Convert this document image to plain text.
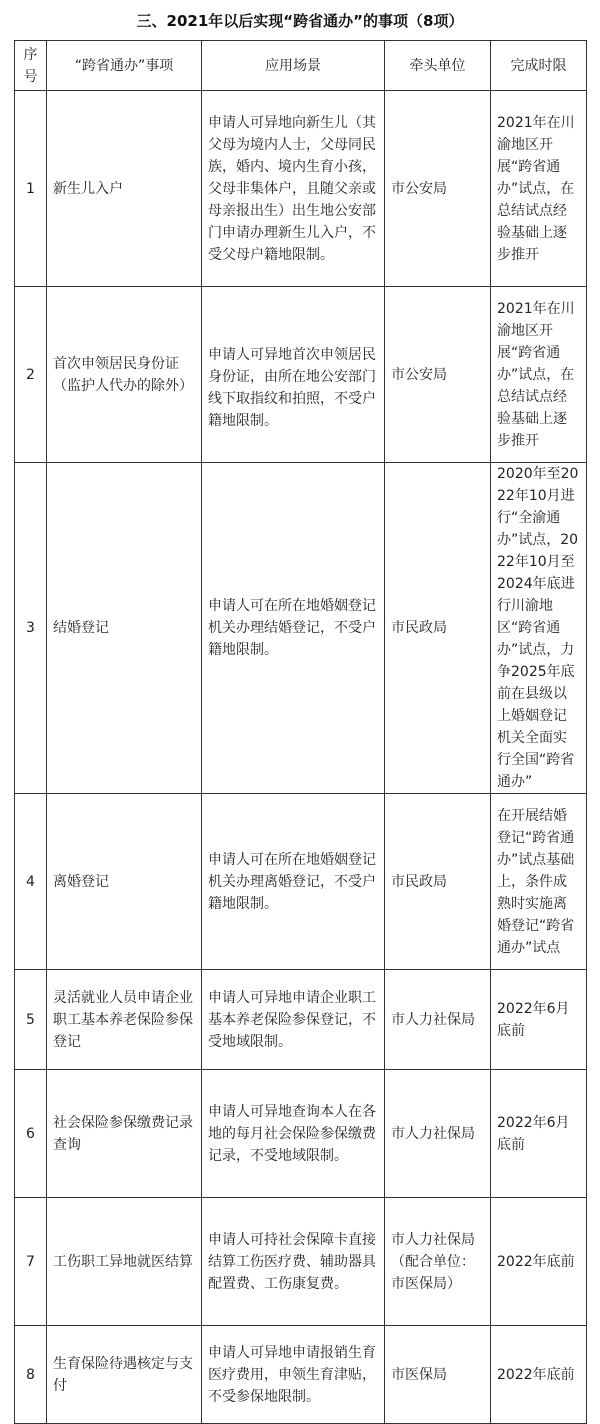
三、2021年以后实现“跨省通办”的事项（8项）
序号	“跨省通办”事项	应用场景	牵头单位	完成时限
1	新生儿入户	申请人可异地向新生儿（其父母为境内人士，父母同民族，婚内、境内生育小孩，父母非集体户，且随父亲或母亲报出生）出生地公安部门申请办理新生儿入户，不受父母户籍地限制。	市公安局	2021年在川渝地区开展“跨省通办”试点，在总结试点经验基础上逐步推开
2	首次申领居民身份证（监护人代办的除外）	申请人可异地首次申领居民身份证，由所在地公安部门线下取指纹和拍照，不受户籍地限制。	市公安局	2021年在川渝地区开展“跨省通办”试点，在总结试点经验基础上逐步推开
3	结婚登记	申请人可在所在地婚姻登记机关办理结婚登记，不受户籍地限制。	市民政局	2020年至2022年10月进行“全渝通办”试点，2022年10月至2024年底进行川渝地区“跨省通办”试点，力争2025年底前在县级以上婚姻登记机关全面实行全国“跨省通办”
4	离婚登记	申请人可在所在地婚姻登记机关办理离婚登记，不受户籍地限制。	市民政局	在开展结婚登记“跨省通办”试点基础上，条件成熟时实施离婚登记“跨省通办”试点
5	灵活就业人员申请企业职工基本养老保险参保登记	申请人可异地申请企业职工基本养老保险参保登记，不受地域限制。	市人力社保局	2022年6月底前
6	社会保险参保缴费记录查询	申请人可异地查询本人在各地的每月社会保险参保缴费记录，不受地域限制。	市人力社保局	2022年6月底前
7	工伤职工异地就医结算	申请人可持社会保障卡直接结算工伤医疗费、辅助器具配置费、工伤康复费。	市人力社保局（配合单位：市医保局）	2022年底前
8	生育保险待遇核定与支付	申请人可异地申请报销生育医疗费用，申领生育津贴，不受参保地限制。	市医保局	2022年底前
